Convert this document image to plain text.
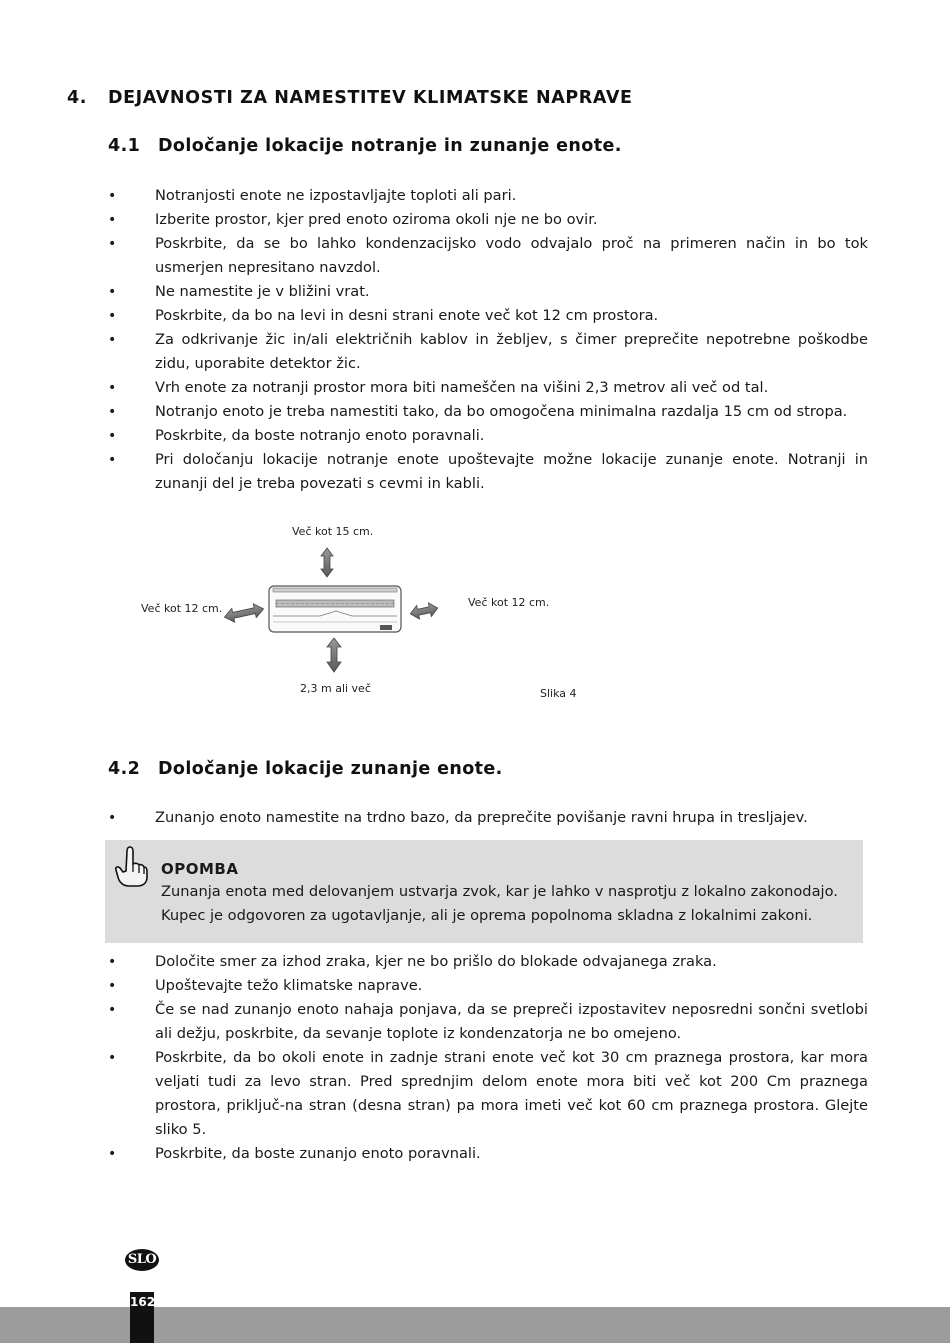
4. DEJAVNOSTI ZA NAMESTITEV KLIMATSKE NAPRAVE
4.1 Določanje lokacije notranje in zunanje enote.
• Notranjosti enote ne izpostavljajte toploti ali pari.
• Izberite prostor, kjer pred enoto oziroma okoli nje ne bo ovir.
• Poskrbite, da se bo lahko kondenzacijsko vodo odvajalo proč na primeren način in bo tok usmerjen nepresitano navzdol.
• Ne namestite je v bližini vrat.
• Poskrbite, da bo na levi in desni strani enote več kot 12 cm prostora.
• Za odkrivanje žic in/ali električnih kablov in žebljev, s čimer preprečite nepotrebne poškodbe zidu, uporabite detektor žic.
• Vrh enote za notranji prostor mora biti nameščen na višini 2,3 metrov ali več od tal.
• Notranjo enoto je treba namestiti tako, da bo omogočena minimalna razdalja 15 cm od stropa.
• Poskrbite, da boste notranjo enoto poravnali.
• Pri določanju lokacije notranje enote upoštevajte možne lokacije zunanje enote. Notranji in zunanji del je treba povezati s cevmi in kabli.
Več kot 15 cm.
Več kot 12 cm.	Več kot 12 cm.
2,3 m ali več	Slika 4
4.2 Določanje lokacije zunanje enote.
• Zunanjo enoto namestite na trdno bazo, da preprečite povišanje ravni hrupa in tresljajev.
OPOMBA
Zunanja enota med delovanjem ustvarja zvok, kar je lahko v nasprotju z lokalno zakonodajo.
Kupec je odgovoren za ugotavljanje, ali je oprema popolnoma skladna z lokalnimi zakoni.
• Določite smer za izhod zraka, kjer ne bo prišlo do blokade odvajanega zraka.
• Upoštevajte težo klimatske naprave.
• Če se nad zunanjo enoto nahaja ponjava, da se prepreči izpostavitev neposredni sončni svetlobi ali dežju, poskrbite, da sevanje toplote iz kondenzatorja ne bo omejeno.
• Poskrbite, da bo okoli enote in zadnje strani enote več kot 30 cm praznega prostora, kar mora veljati tudi za levo stran. Pred sprednjim delom enote mora biti več kot 200 Cm praznega prostora, priključ-na stran (desna stran) pa mora imeti več kot 60 cm praznega prostora. Glejte sliko 5.
• Poskrbite, da boste zunanjo enoto poravnali.
SLO
162
